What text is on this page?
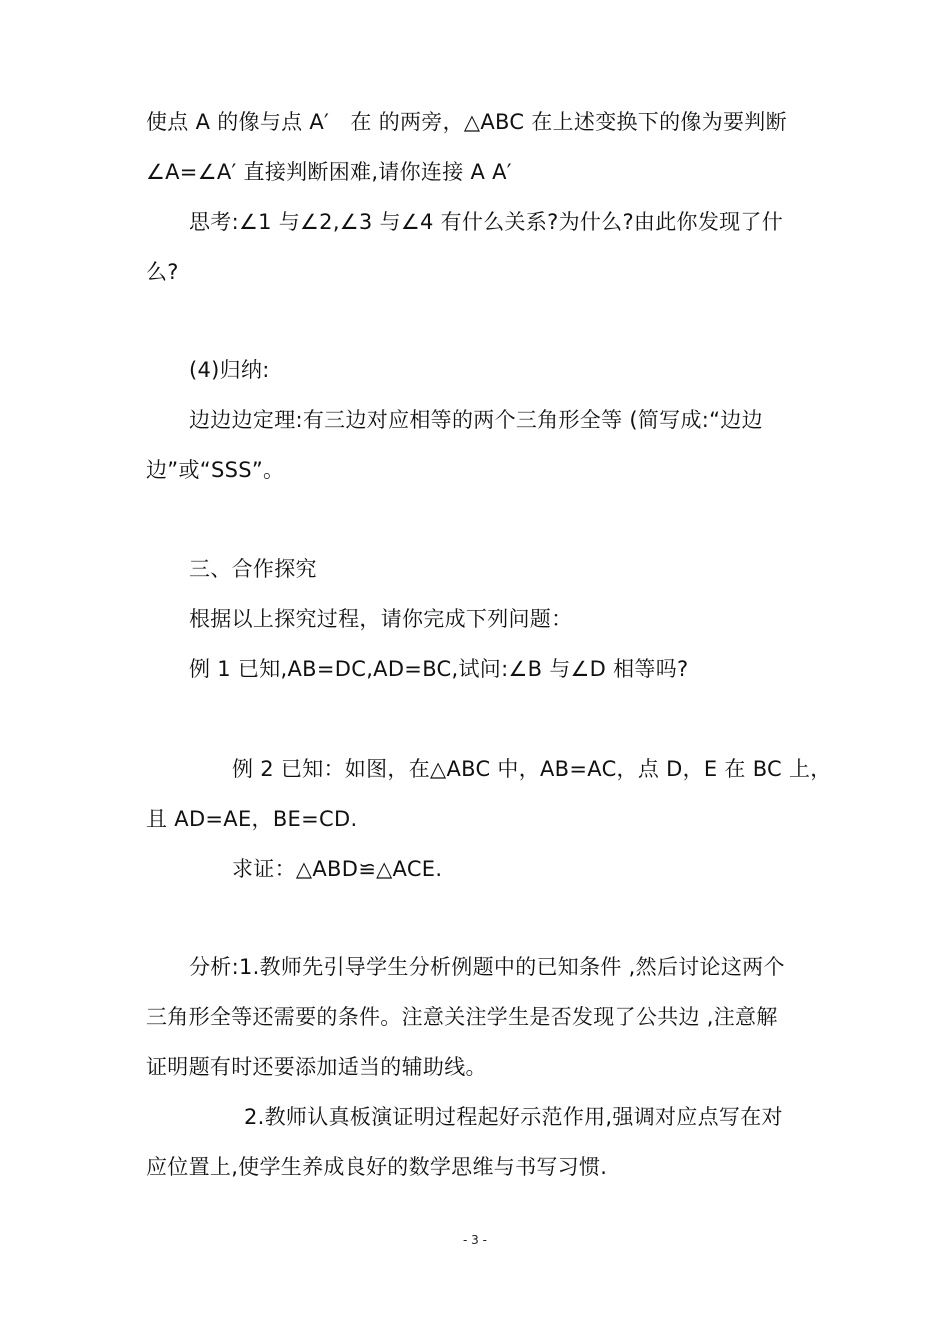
使点 A 的像与点 A′　在 的两旁，△ABC 在上述变换下的像为要判断
∠A=∠A′ 直接判断困难,请你连接 A A′
思考:∠1 与∠2,∠3 与∠4 有什么关系?为什么?由此你发现了什
么?
(4)归纳:
边边边定理:有三边对应相等的两个三角形全等 (简写成:“边边
边”或“SSS”。
三、合作探究
根据以上探究过程，请你完成下列问题：
例 1 已知,AB=DC,AD=BC,试问:∠B 与∠D 相等吗?
例 2 已知：如图，在△ABC 中，AB=AC，点 D，E 在 BC 上，
且 AD=AE，BE=CD.
求证：△ABD≌△ACE.
分析:1.教师先引导学生分析例题中的已知条件 ,然后讨论这两个
三角形全等还需要的条件。注意关注学生是否发现了公共边 ,注意解
证明题有时还要添加适当的辅助线。
2.教师认真板演证明过程起好示范作用,强调对应点写在对
应位置上,使学生养成良好的数学思维与书写习惯.
- 3 -
